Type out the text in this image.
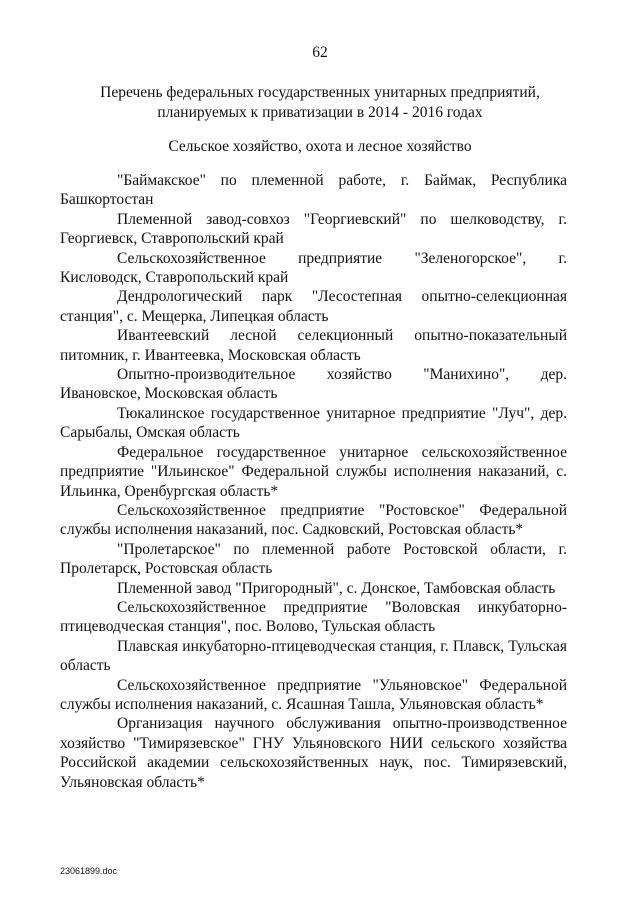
62
Перечень федеральных государственных унитарных предприятий,
планируемых к приватизации в 2014 - 2016 годах
Сельское хозяйство, охота и лесное хозяйство

"Баймакское" по племенной работе, г. Баймак, Республика Башкортостан

Племенной завод-совхоз "Георгиевский" по шелководству, г. Георгиевск, Ставропольский край

Сельскохозяйственное предприятие "Зеленогорское", г. Кисловодск, Ставропольский край

Дендрологический парк "Лесостепная опытно-селекционная станция", с. Мещерка, Липецкая область

Ивантеевский лесной селекционный опытно-показательный питомник, г. Ивантеевка, Московская область

Опытно-производительное хозяйство "Манихино", дер. Ивановское, Московская область

Тюкалинское государственное унитарное предприятие "Луч", дер. Сарыбалы, Омская область

Федеральное государственное унитарное сельскохозяйственное предприятие "Ильинское" Федеральной службы исполнения наказаний, с. Ильинка, Оренбургская область*

Сельскохозяйственное предприятие "Ростовское" Федеральной службы исполнения наказаний, пос. Садковский, Ростовская область*

"Пролетарское" по племенной работе Ростовской области, г. Пролетарск, Ростовская область

Племенной завод "Пригородный", с. Донское, Тамбовская область

Сельскохозяйственное предприятие "Воловская инкубаторно-птицеводческая станция", пос. Волово, Тульская область

Плавская инкубаторно-птицеводческая станция, г. Плавск, Тульская область

Сельскохозяйственное предприятие "Ульяновское" Федеральной службы исполнения наказаний, с. Ясашная Ташла, Ульяновская область*

Организация научного обслуживания опытно-производственное хозяйство "Тимирязевское" ГНУ Ульяновского НИИ сельского хозяйства Российской академии сельскохозяйственных наук, пос. Тимирязевский, Ульяновская область*

23061899.doc
